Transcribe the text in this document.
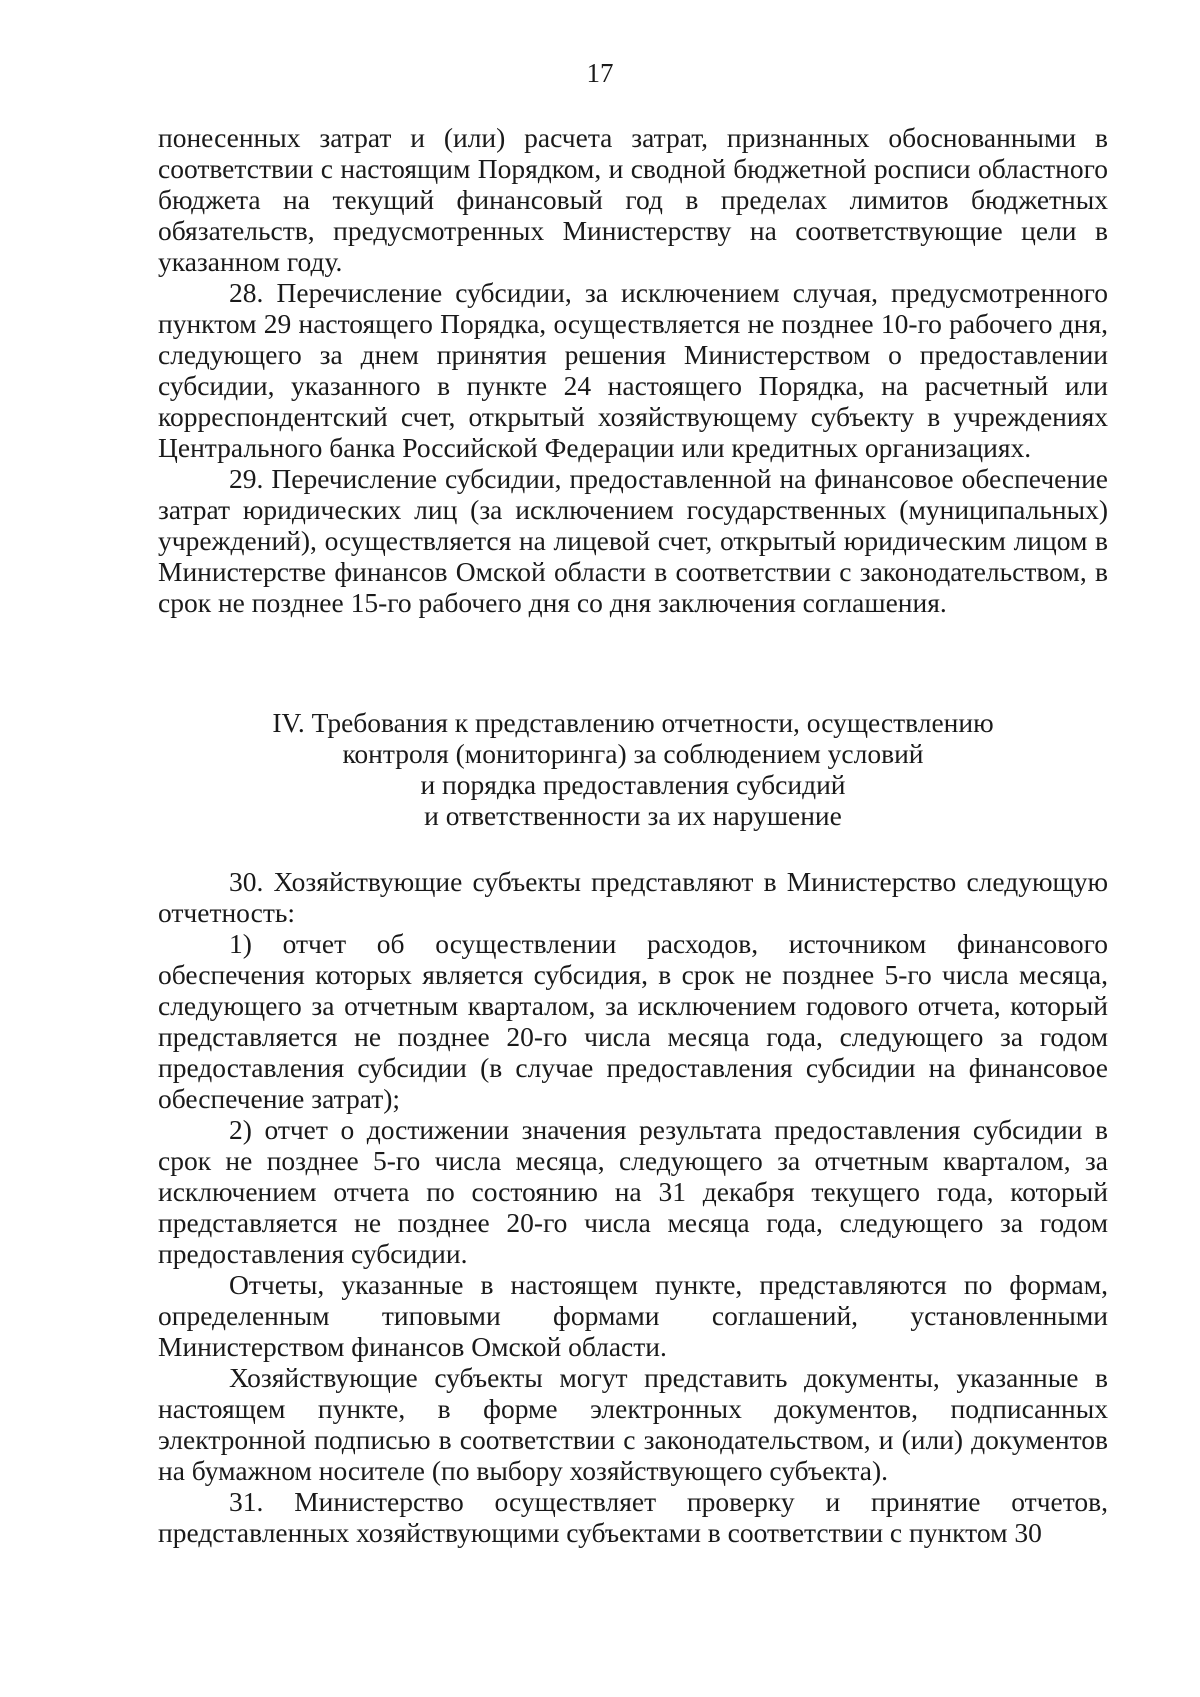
17

понесенных затрат и (или) расчета затрат, признанных обоснованными в соответствии с настоящим Порядком, и сводной бюджетной росписи областного бюджета на текущий финансовый год в пределах лимитов бюджетных обязательств, предусмотренных Министерству на соответствующие цели в указанном году.

28. Перечисление субсидии, за исключением случая, предусмотренного пунктом 29 настоящего Порядка, осуществляется не позднее 10-го рабочего дня, следующего за днем принятия решения Министерством о предоставлении субсидии, указанного в пункте 24 настоящего Порядка, на расчетный или корреспондентский счет, открытый хозяйствующему субъекту в учреждениях Центрального банка Российской Федерации или кредитных организациях.

29. Перечисление субсидии, предоставленной на финансовое обеспечение затрат юридических лиц (за исключением государственных (муниципальных) учреждений), осуществляется на лицевой счет, открытый юридическим лицом в Министерстве финансов Омской области в соответствии с законодательством, в срок не позднее 15-го рабочего дня со дня заключения соглашения.

IV. Требования к представлению отчетности, осуществлению
контроля (мониторинга) за соблюдением условий
и порядка предоставления субсидий
и ответственности за их нарушение

30. Хозяйствующие субъекты представляют в Министерство следующую отчетность:

1) отчет об осуществлении расходов, источником финансового обеспечения которых является субсидия, в срок не позднее 5-го числа месяца, следующего за отчетным кварталом, за исключением годового отчета, который представляется не позднее 20-го числа месяца года, следующего за годом предоставления субсидии (в случае предоставления субсидии на финансовое обеспечение затрат);

2) отчет о достижении значения результата предоставления субсидии в срок не позднее 5-го числа месяца, следующего за отчетным кварталом, за исключением отчета по состоянию на 31 декабря текущего года, который представляется не позднее 20-го числа месяца года, следующего за годом предоставления субсидии.

Отчеты, указанные в настоящем пункте, представляются по формам, определенным типовыми формами соглашений, установленными Министерством финансов Омской области.

Хозяйствующие субъекты могут представить документы, указанные в настоящем пункте, в форме электронных документов, подписанных электронной подписью в соответствии с законодательством, и (или) документов на бумажном носителе (по выбору хозяйствующего субъекта).

31. Министерство осуществляет проверку и принятие отчетов, представленных хозяйствующими субъектами в соответствии с пунктом 30
